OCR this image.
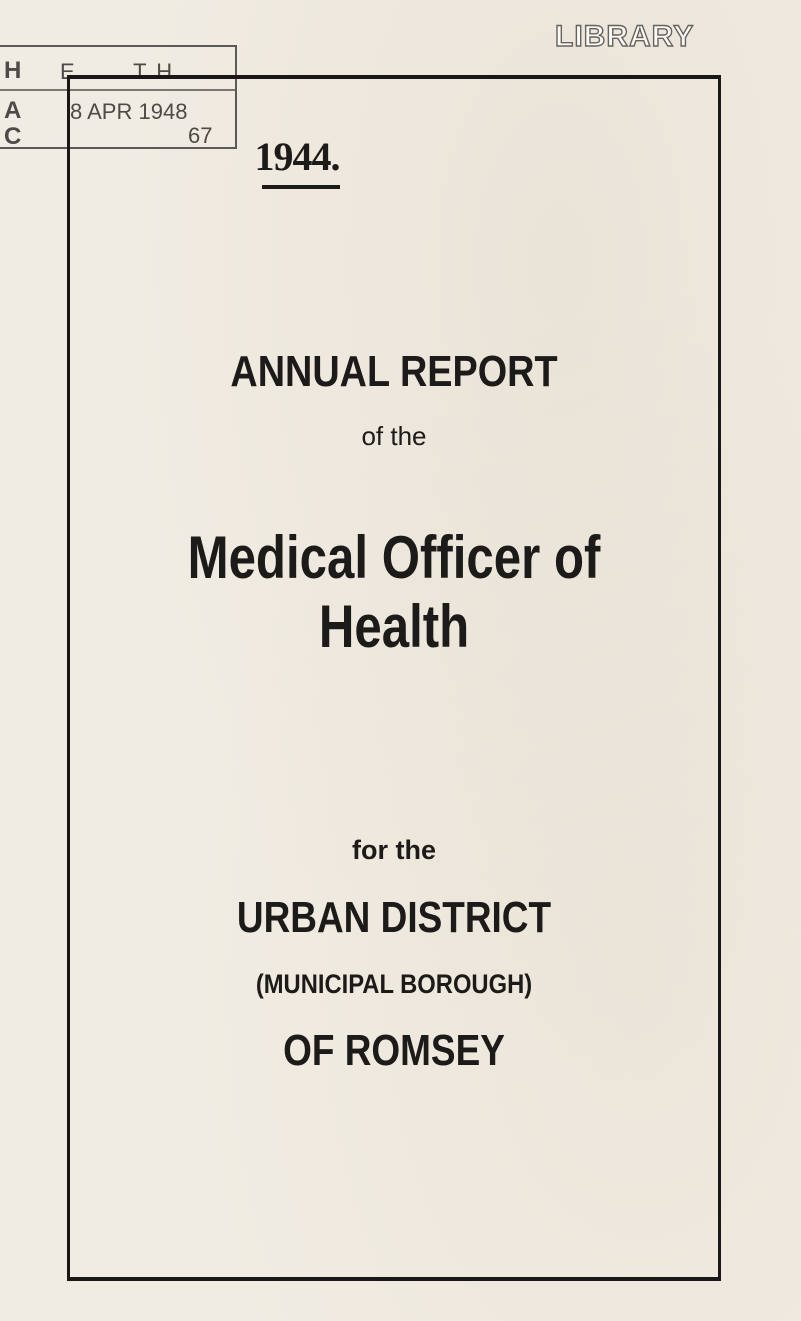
LIBRARY
H E . . . T H
A 8 APR 1948
C	67	1944.
ANNUAL REPORT
of the
Medical Officer of Health
for the
URBAN DISTRICT
(MUNICIPAL BOROUGH)
OF ROMSEY
